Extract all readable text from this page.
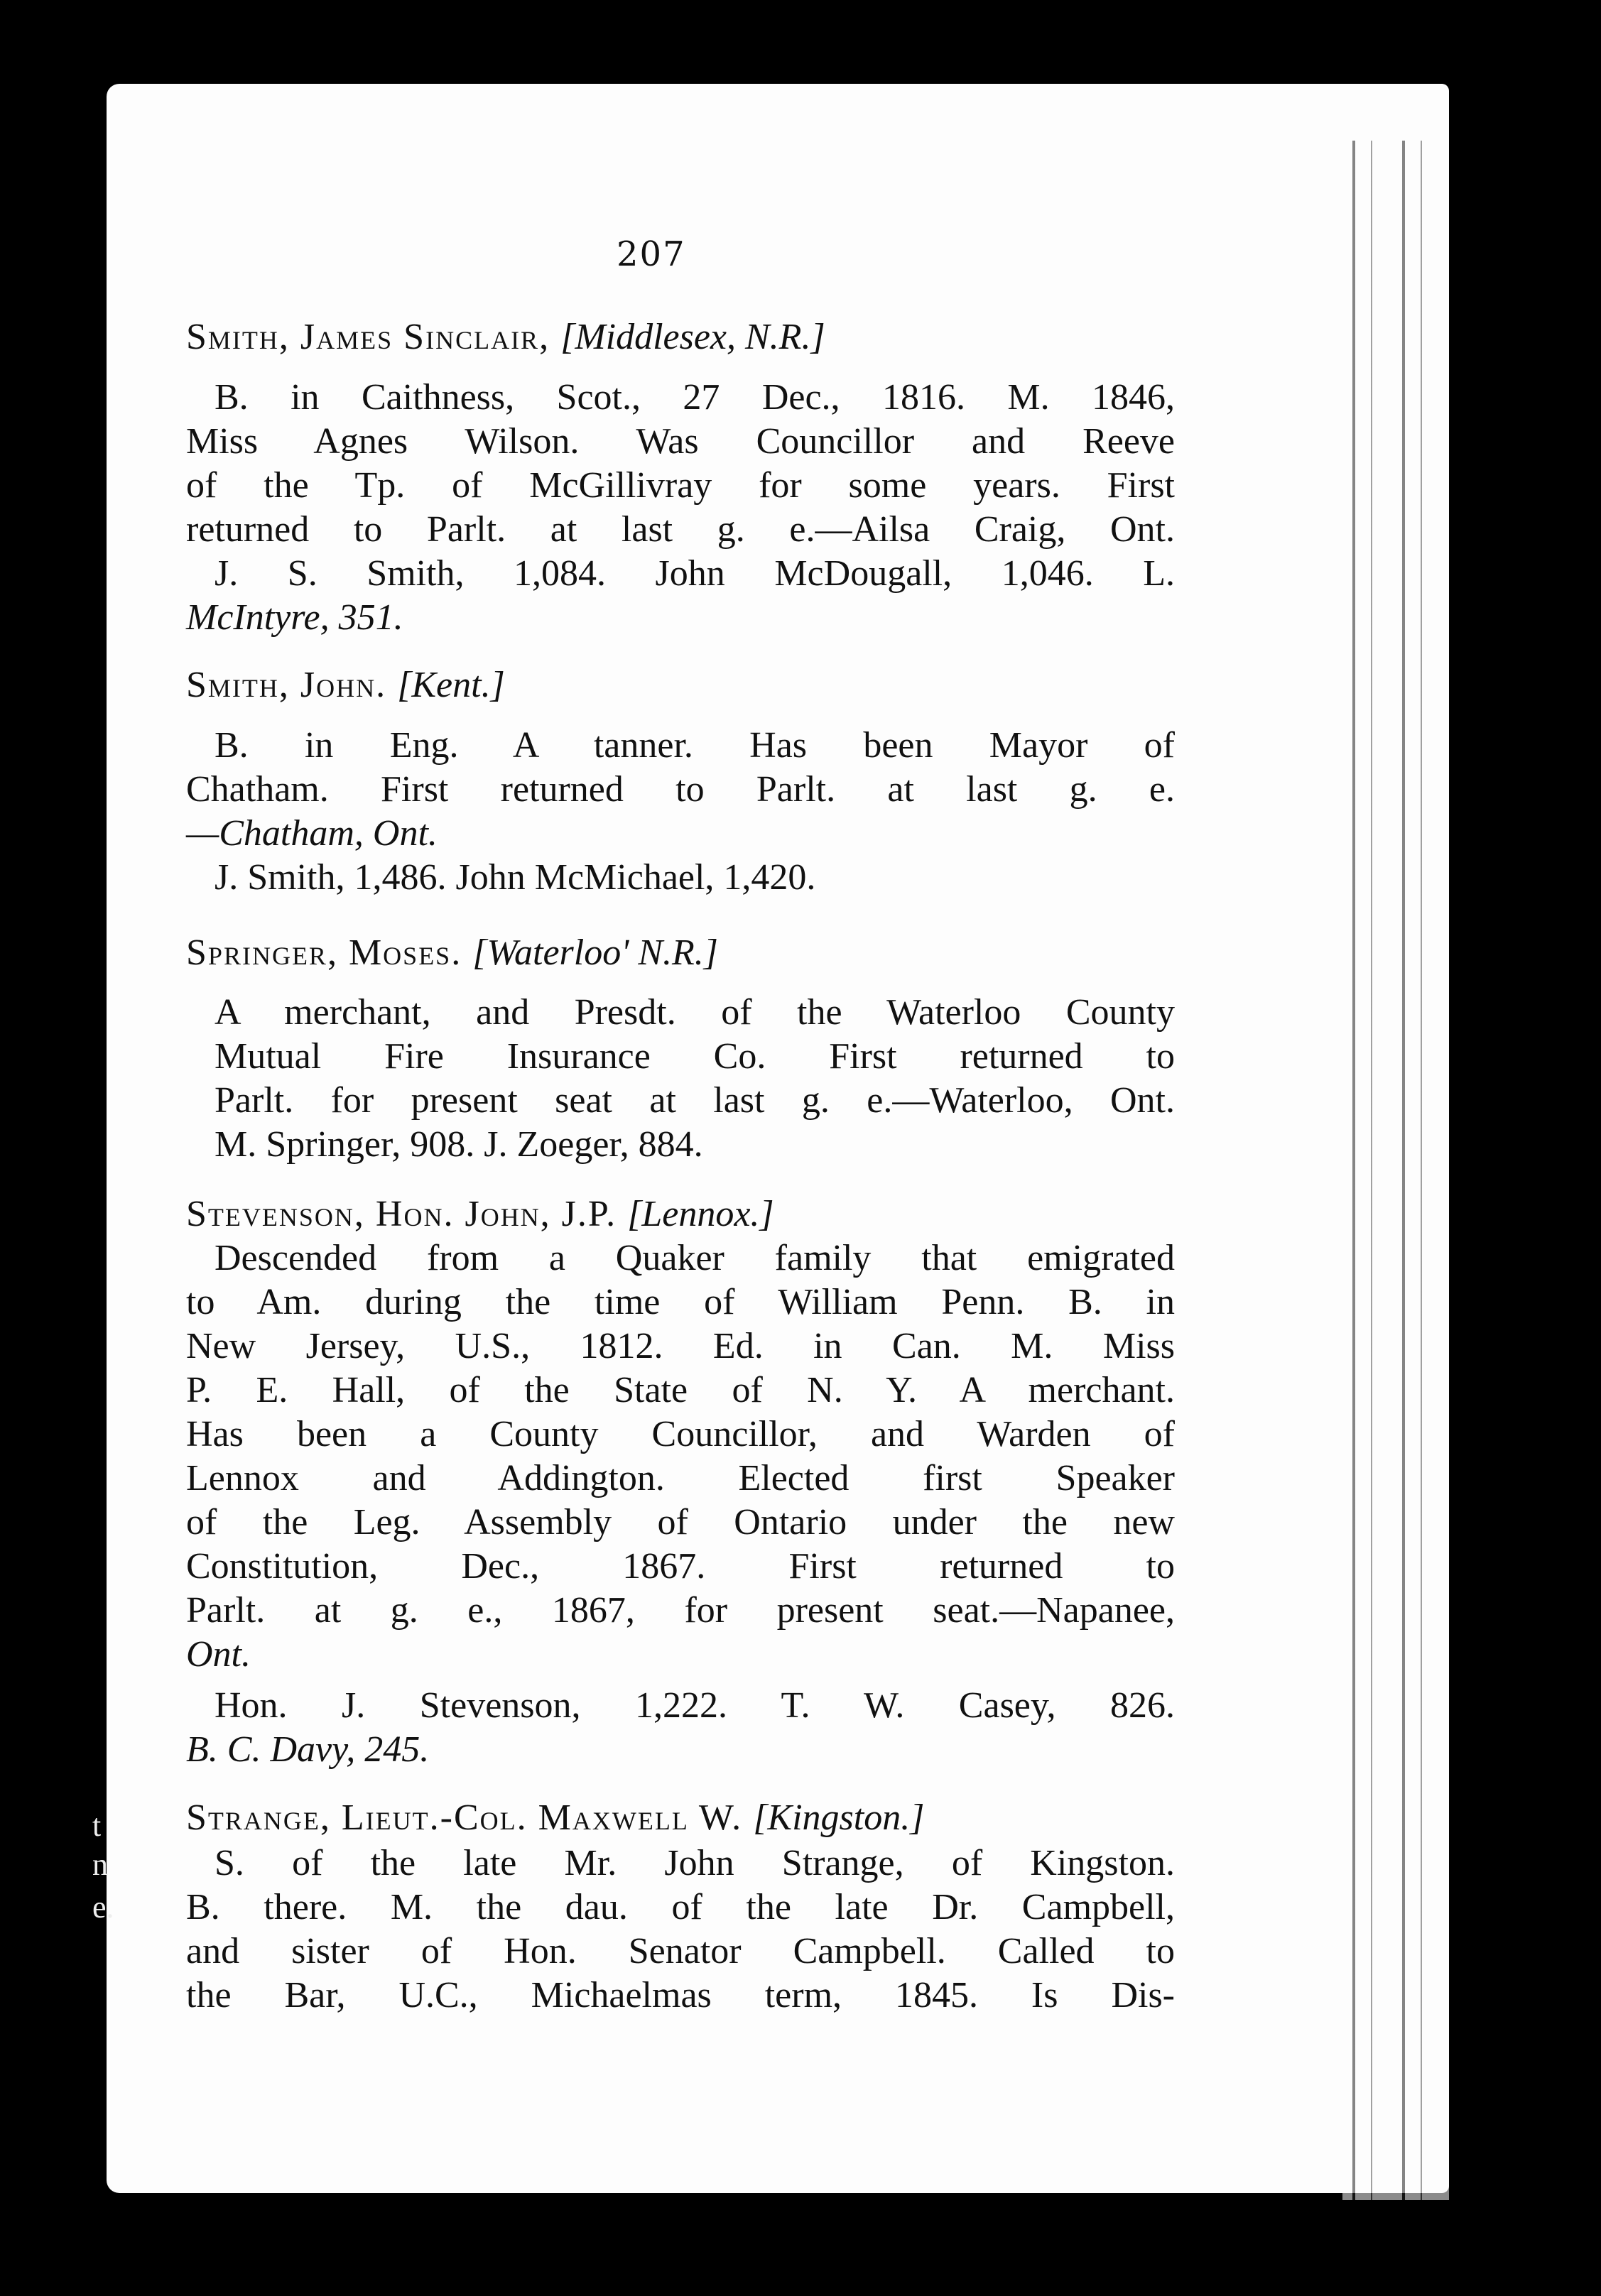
207
Smith, James Sinclair, [Middlesex, N.R.]
B. in Caithness, Scot., 27 Dec., 1816. M. 1846,
Miss Agnes Wilson. Was Councillor and Reeve
of the Tp. of McGillivray for some years. First
returned to Parlt. at last g. e.—Ailsa Craig, Ont.
J. S. Smith, 1,084. John McDougall, 1,046. L.
McIntyre, 351.
Smith, John. [Kent.]
B. in Eng. A tanner. Has been Mayor of
Chatham. First returned to Parlt. at last g. e.
—Chatham, Ont.
J. Smith, 1,486. John McMichael, 1,420.
Springer, Moses. [Waterloo' N.R.]
A merchant, and Presdt. of the Waterloo County
Mutual Fire Insurance Co. First returned to
Parlt. for present seat at last g. e.—Waterloo, Ont.
M. Springer, 908. J. Zoeger, 884.
Stevenson, Hon. John, J.P. [Lennox.]
Descended from a Quaker family that emigrated
to Am. during the time of William Penn. B. in
New Jersey, U.S., 1812. Ed. in Can. M. Miss
P. E. Hall, of the State of N. Y. A merchant.
Has been a County Councillor, and Warden of
Lennox and Addington. Elected first Speaker
of the Leg. Assembly of Ontario under the new
Constitution, Dec., 1867. First returned to
Parlt. at g. e., 1867, for present seat.—Napanee,
Ont.
Hon. J. Stevenson, 1,222. T. W. Casey, 826.
B. C. Davy, 245.
Strange, Lieut.-Col. Maxwell W. [Kingston.]
S. of the late Mr. John Strange, of Kingston.
B. there. M. the dau. of the late Dr. Campbell,
and sister of Hon. Senator Campbell. Called to
the Bar, U.C., Michaelmas term, 1845. Is Dis-
t
n
e.
